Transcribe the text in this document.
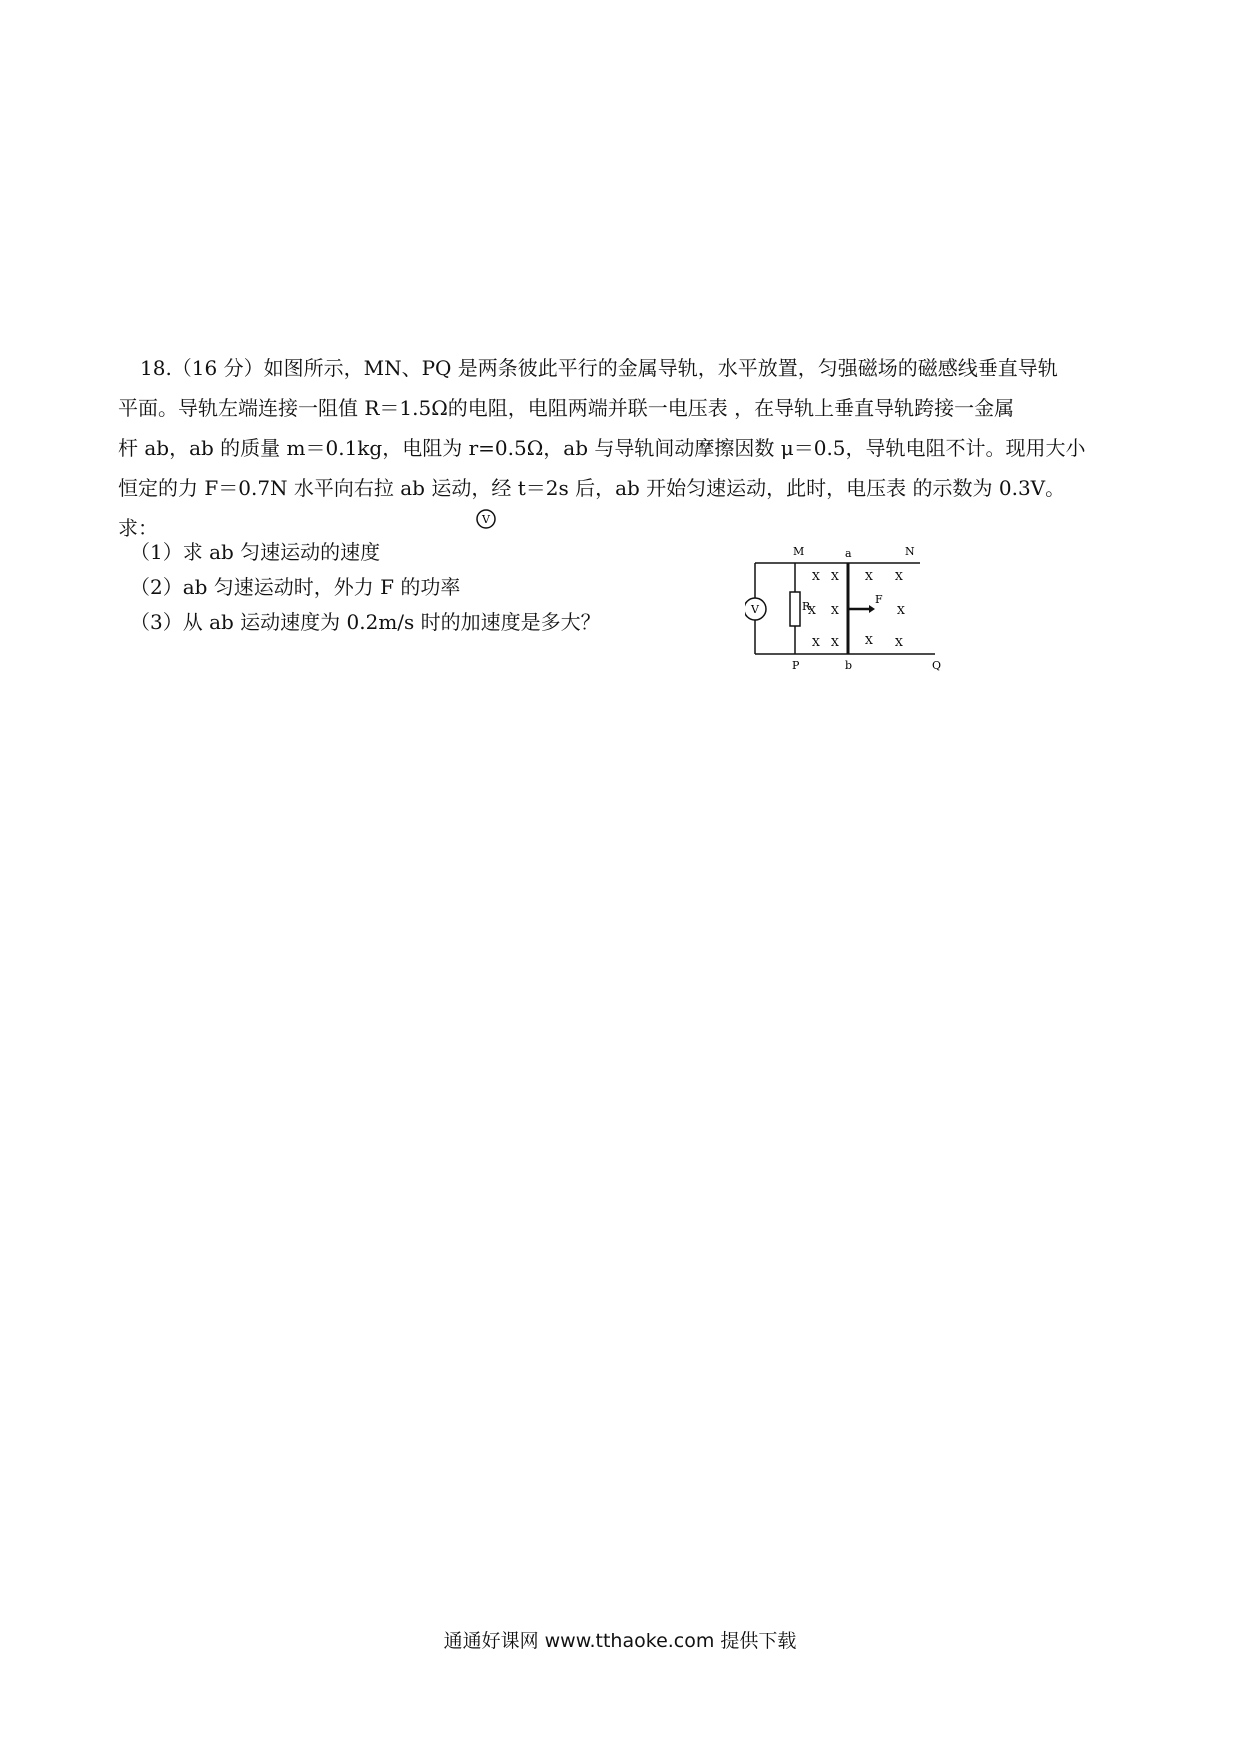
18.（16 分）如图所示，MN、PQ 是两条彼此平行的金属导轨，水平放置，匀强磁场的磁感线垂直导轨

平面。导轨左端连接一阻值 R＝1.5Ω的电阻，电阻两端并联一电压表 ，在导轨上垂直导轨跨接一金属

杆 ab，ab 的质量 m＝0.1kg，电阻为 r=0.5Ω，ab 与导轨间动摩擦因数 μ＝0.5，导轨电阻不计。现用大小

恒定的力 F＝0.7N 水平向右拉 ab 运动，经 t＝2s 后，ab 开始匀速运动，此时，电压表 的示数为 0.3V。

求：	V
（1）求 ab 匀速运动的速度
（2）ab 匀速运动时，外力 F 的功率
（3）从 ab 运动速度为 0.2m/s 时的加速度是多大？
V	R
F
M	a	N
P	b	Q
X X X X
X X	X
X X X X
通通好课网 www.tthaoke.com 提供下载
